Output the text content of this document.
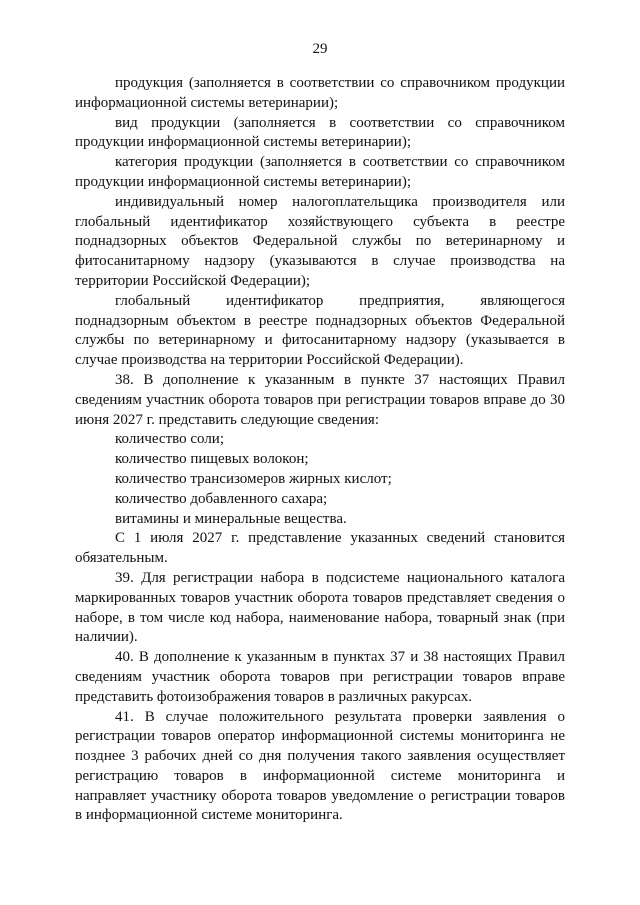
29

продукция (заполняется в соответствии со справочником продукции информационной системы ветеринарии);

вид продукции (заполняется в соответствии со справочником продукции информационной системы ветеринарии);

категория продукции (заполняется в соответствии со справочником продукции информационной системы ветеринарии);

индивидуальный номер налогоплательщика производителя или глобальный идентификатор хозяйствующего субъекта в реестре поднадзорных объектов Федеральной службы по ветеринарному и фитосанитарному надзору (указываются в случае производства на территории Российской Федерации);

глобальный идентификатор предприятия, являющегося поднадзорным объектом в реестре поднадзорных объектов Федеральной службы по ветеринарному и фитосанитарному надзору (указывается в случае производства на территории Российской Федерации).

38. В дополнение к указанным в пункте 37 настоящих Правил сведениям участник оборота товаров при регистрации товаров вправе до 30 июня 2027 г. представить следующие сведения:

количество соли;

количество пищевых волокон;

количество трансизомеров жирных кислот;

количество добавленного сахара;

витамины и минеральные вещества.

С 1 июля 2027 г. представление указанных сведений становится обязательным.

39. Для регистрации набора в подсистеме национального каталога маркированных товаров участник оборота товаров представляет сведения о наборе, в том числе код набора, наименование набора, товарный знак (при наличии).

40. В дополнение к указанным в пунктах 37 и 38 настоящих Правил сведениям участник оборота товаров при регистрации товаров вправе представить фотоизображения товаров в различных ракурсах.

41. В случае положительного результата проверки заявления о регистрации товаров оператор информационной системы мониторинга не позднее 3 рабочих дней со дня получения такого заявления осуществляет регистрацию товаров в информационной системе мониторинга и направляет участнику оборота товаров уведомление о регистрации товаров в информационной системе мониторинга.
